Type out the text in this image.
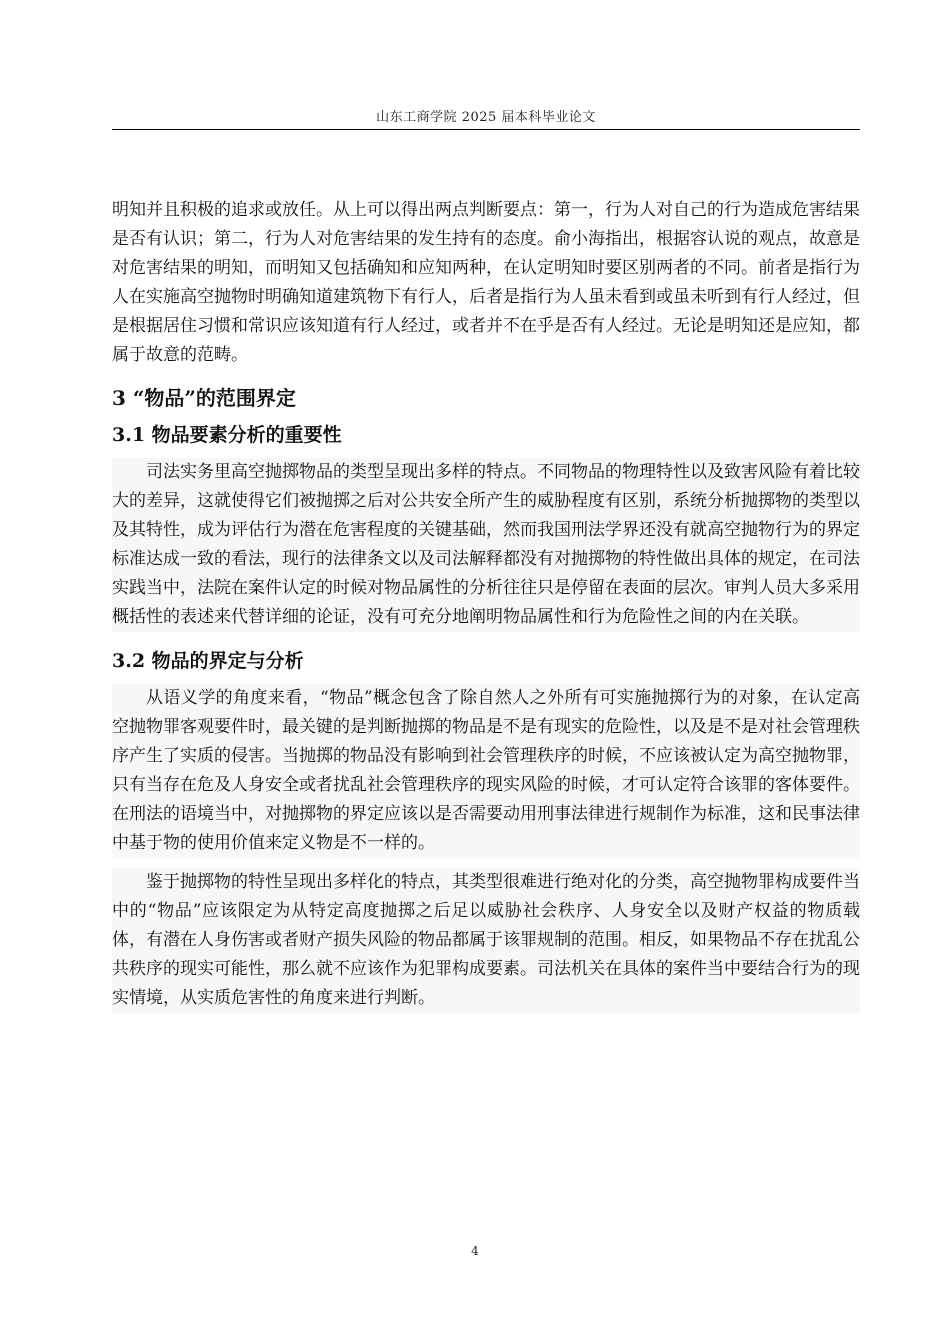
山东工商学院 2025 届本科毕业论文

明知并且积极的追求或放任。从上可以得出两点判断要点：第一，行为人对自己的行为造成危害结果是否有认识；第二，行为人对危害结果的发生持有的态度。俞小海指出，根据容认说的观点，故意是对危害结果的明知，而明知又包括确知和应知两种，在认定明知时要区别两者的不同。前者是指行为人在实施高空抛物时明确知道建筑物下有行人，后者是指行为人虽未看到或虽未听到有行人经过，但是根据居住习惯和常识应该知道有行人经过，或者并不在乎是否有人经过。无论是明知还是应知，都属于故意的范畴。

3 “物品”的范围界定
3.1 物品要素分析的重要性

司法实务里高空抛掷物品的类型呈现出多样的特点。不同物品的物理特性以及致害风险有着比较大的差异，这就使得它们被抛掷之后对公共安全所产生的威胁程度有区别，系统分析抛掷物的类型以及其特性，成为评估行为潜在危害程度的关键基础，然而我国刑法学界还没有就高空抛物行为的界定标准达成一致的看法，现行的法律条文以及司法解释都没有对抛掷物的特性做出具体的规定，在司法实践当中，法院在案件认定的时候对物品属性的分析往往只是停留在表面的层次。审判人员大多采用概括性的表述来代替详细的论证，没有可充分地阐明物品属性和行为危险性之间的内在关联。

3.2 物品的界定与分析

从语义学的角度来看，“物品”概念包含了除自然人之外所有可实施抛掷行为的对象，在认定高空抛物罪客观要件时，最关键的是判断抛掷的物品是不是有现实的危险性，以及是不是对社会管理秩序产生了实质的侵害。当抛掷的物品没有影响到社会管理秩序的时候，不应该被认定为高空抛物罪，只有当存在危及人身安全或者扰乱社会管理秩序的现实风险的时候，才可认定符合该罪的客体要件。在刑法的语境当中，对抛掷物的界定应该以是否需要动用刑事法律进行规制作为标准，这和民事法律中基于物的使用价值来定义物是不一样的。

鉴于抛掷物的特性呈现出多样化的特点，其类型很难进行绝对化的分类，高空抛物罪构成要件当中的“物品”应该限定为从特定高度抛掷之后足以威胁社会秩序、人身安全以及财产权益的物质载体，有潜在人身伤害或者财产损失风险的物品都属于该罪规制的范围。相反，如果物品不存在扰乱公共秩序的现实可能性，那么就不应该作为犯罪构成要素。司法机关在具体的案件当中要结合行为的现实情境，从实质危害性的角度来进行判断。

4
